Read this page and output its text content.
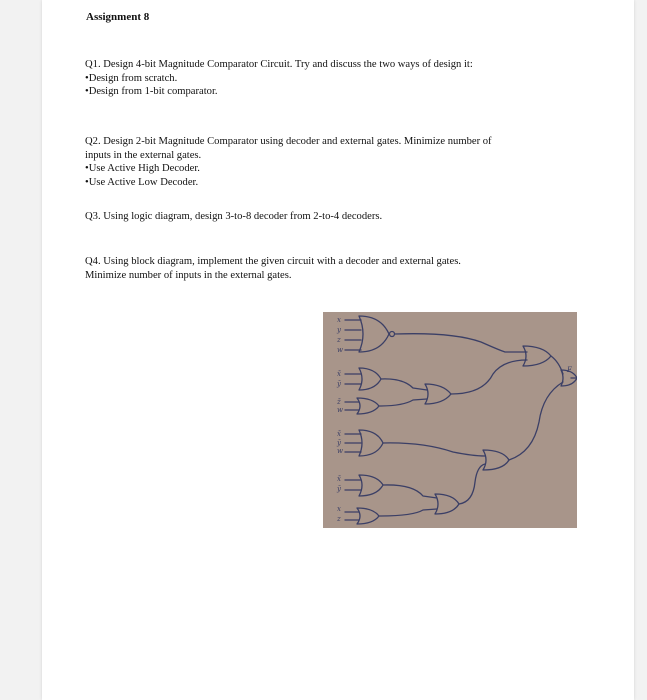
Assignment 8
Q1. Design 4-bit Magnitude Comparator Circuit. Try and discuss the two ways of design it:
•Design from scratch.
•Design from 1-bit comparator.
Q2. Design 2-bit Magnitude Comparator using decoder and external gates. Minimize number of
inputs in the external gates.
•Use Active High Decoder.
•Use Active Low Decoder.
Q3. Using logic diagram, design 3-to-8 decoder from 2-to-4 decoders.
Q4. Using block diagram, implement the given circuit with a decoder and external gates.
Minimize number of inputs in the external gates.
x
y
z
w
x̄
ȳ
z̄
w
x̄
ȳ
w
x̄
ȳ
x
z
F
